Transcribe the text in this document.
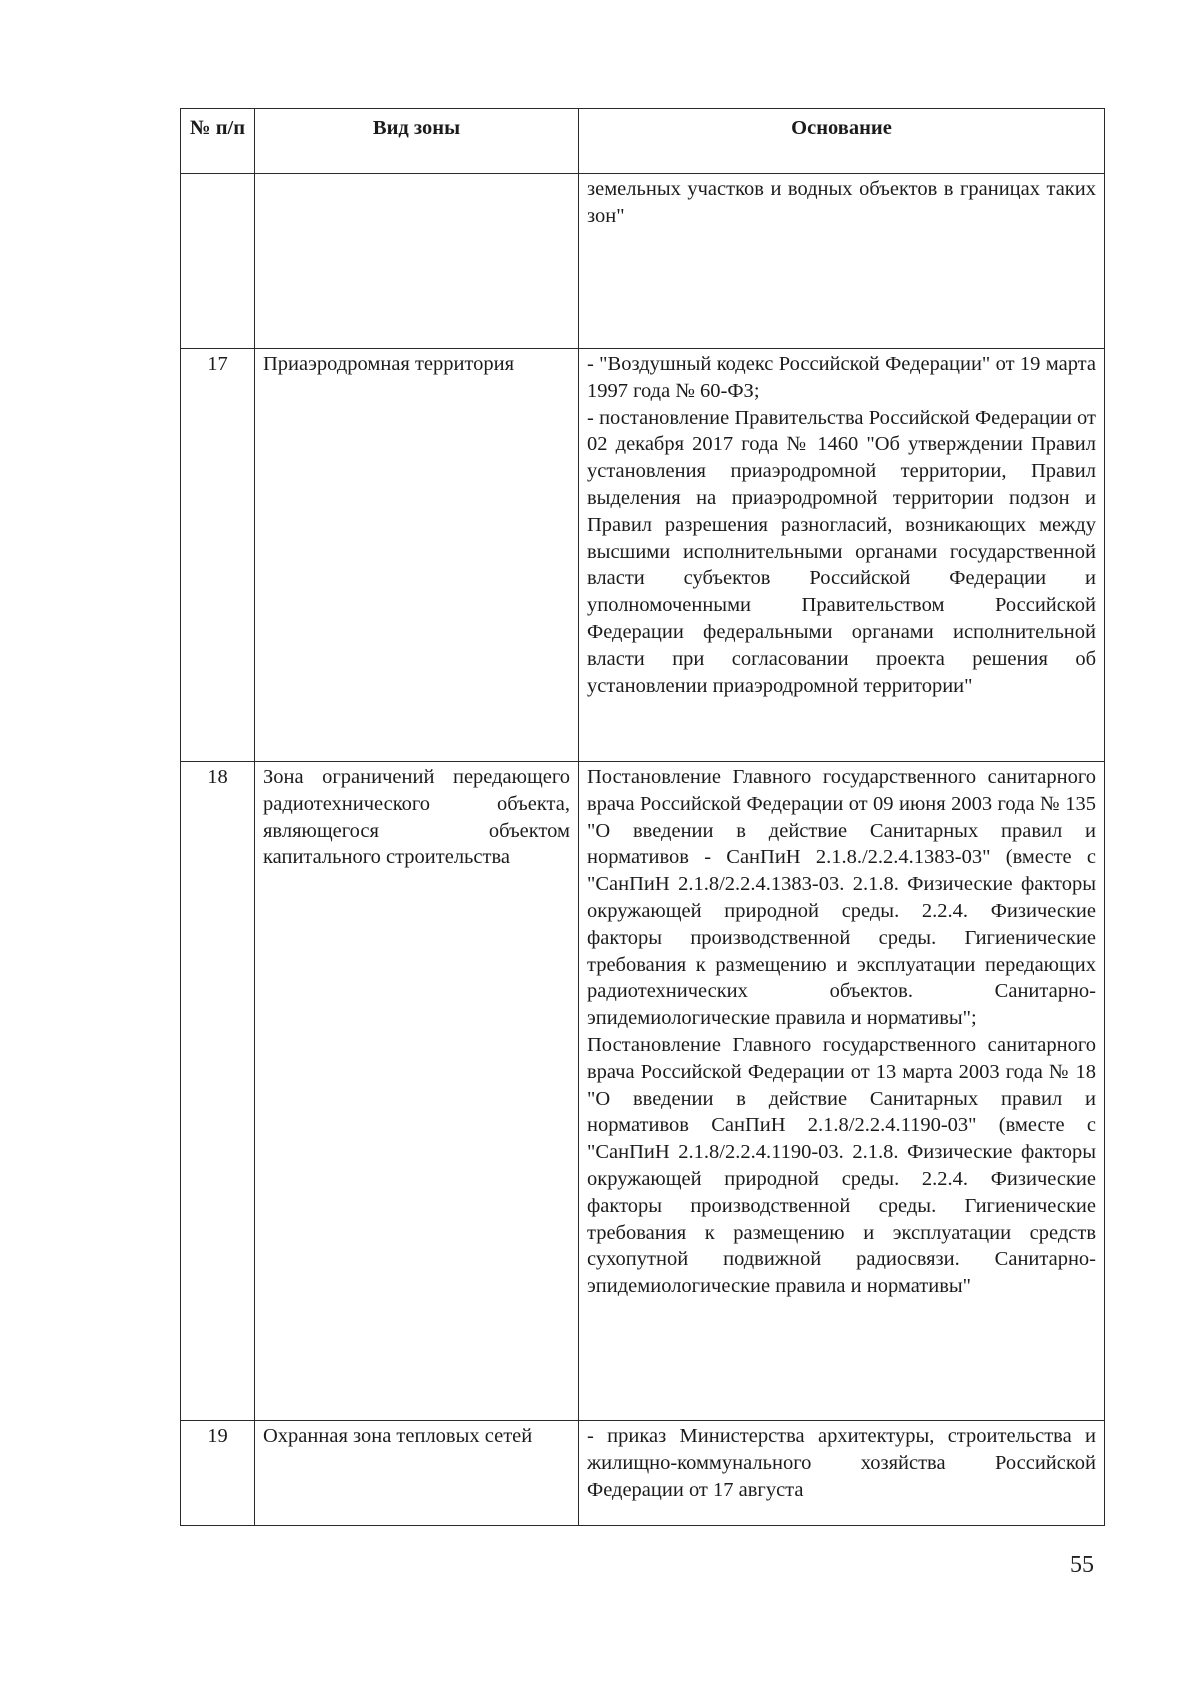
№ п/п	Вид зоны	Основание
		земельных участков и водных объектов в границах таких зон"
17	Приаэродромная территория	- "Воздушный кодекс Российской Федерации" от 19 марта 1997 года № 60-ФЗ;
- постановление Правительства Российской Федерации от 02 декабря 2017 года № 1460 "Об утверждении Правил установления приаэродромной территории, Правил выделения на приаэродромной территории подзон и Правил разрешения разногласий, возникающих между высшими исполнительными органами государственной власти субъектов Российской Федерации и уполномоченными Правительством Российской Федерации федеральными органами исполнительной власти при согласовании проекта решения об установлении приаэродромной территории"

18	Зона ограничений передающего радиотехнического объекта, являющегося объектом капитального строительства	Постановление Главного государственного санитарного врача Российской Федерации от 09 июня 2003 года № 135 "О введении в действие Санитарных правил и нормативов - СанПиН 2.1.8./2.2.4.1383-03" (вместе с "СанПиН 2.1.8/2.2.4.1383-03. 2.1.8. Физические факторы окружающей природной среды. 2.2.4. Физические факторы производственной среды. Гигиенические требования к размещению и эксплуатации передающих радиотехнических объектов. Санитарно-эпидемиологические правила и нормативы";
Постановление Главного государственного санитарного врача Российской Федерации от 13 марта 2003 года № 18 "О введении в действие Санитарных правил и нормативов СанПиН 2.1.8/2.2.4.1190-03" (вместе с "СанПиН 2.1.8/2.2.4.1190-03. 2.1.8. Физические факторы окружающей природной среды. 2.2.4. Физические факторы производственной среды. Гигиенические требования к размещению и эксплуатации средств сухопутной подвижной радиосвязи. Санитарно-эпидемиологические правила и нормативы"

19	Охранная зона тепловых сетей	- приказ Министерства архитектуры, строительства и жилищно-коммунального хозяйства Российской Федерации от 17 августа
55
